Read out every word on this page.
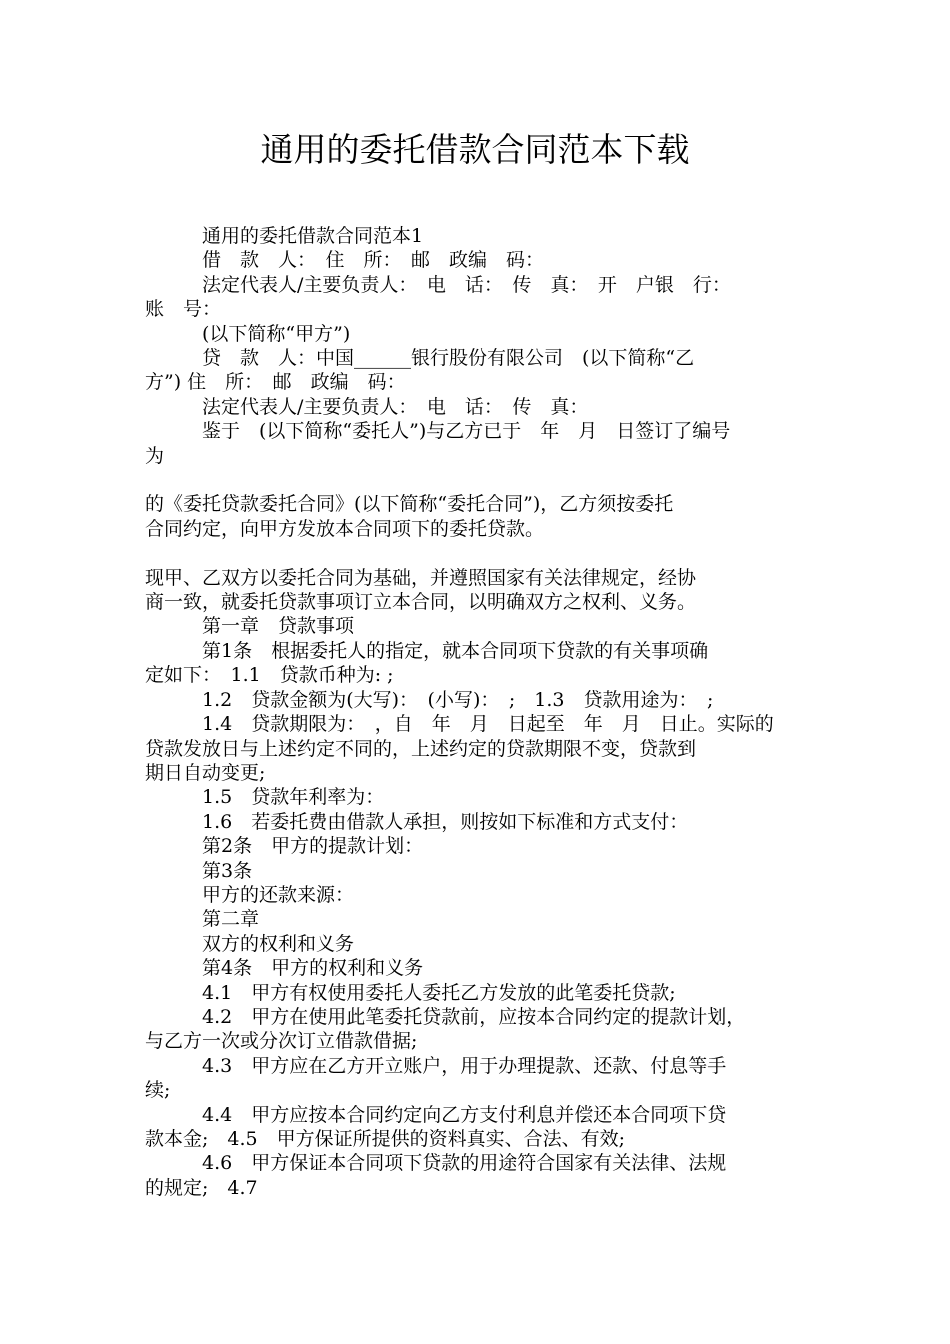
通用的委托借款合同范本下载

通用的委托借款合同范本1

借　款　人：　住　所：　邮　政编　码：

法定代表人/主要负责人：　电　话：　传　真：　开　户银　行：

账　号：

(以下简称“甲方”)

贷　款　人：中国______银行股份有限公司　(以下简称“乙

方”) 住　所：　邮　政编　码：

法定代表人/主要负责人：　电　话：　传　真：

鉴于　(以下简称“委托人”)与乙方已于　年　月　日签订了编号

为

的《委托贷款委托合同》(以下简称“委托合同”)，乙方须按委托

合同约定，向甲方发放本合同项下的委托贷款。

现甲、乙双方以委托合同为基础，并遵照国家有关法律规定，经协

商一致，就委托贷款事项订立本合同，以明确双方之权利、义务。

第一章　贷款事项

第1条　根据委托人的指定，就本合同项下贷款的有关事项确

定如下：　1.1　贷款币种为: ;

1.2　贷款金额为(大写)：　(小写)：　;　1.3　贷款用途为：　;

1.4　贷款期限为：　，自　年　月　日起至　年　月　日止。实际的

贷款发放日与上述约定不同的，上述约定的贷款期限不变，贷款到

期日自动变更;

1.5　贷款年利率为：

1.6　若委托费由借款人承担，则按如下标准和方式支付：

第2条　甲方的提款计划：

第3条

甲方的还款来源：

第二章

双方的权利和义务

第4条　甲方的权利和义务

4.1　甲方有权使用委托人委托乙方发放的此笔委托贷款;

4.2　甲方在使用此笔委托贷款前，应按本合同约定的提款计划，

与乙方一次或分次订立借款借据;

4.3　甲方应在乙方开立账户，用于办理提款、还款、付息等手

续;

4.4　甲方应按本合同约定向乙方支付利息并偿还本合同项下贷

款本金;　4.5　甲方保证所提供的资料真实、合法、有效;

4.6　甲方保证本合同项下贷款的用途符合国家有关法律、法规

的规定;　4.7
